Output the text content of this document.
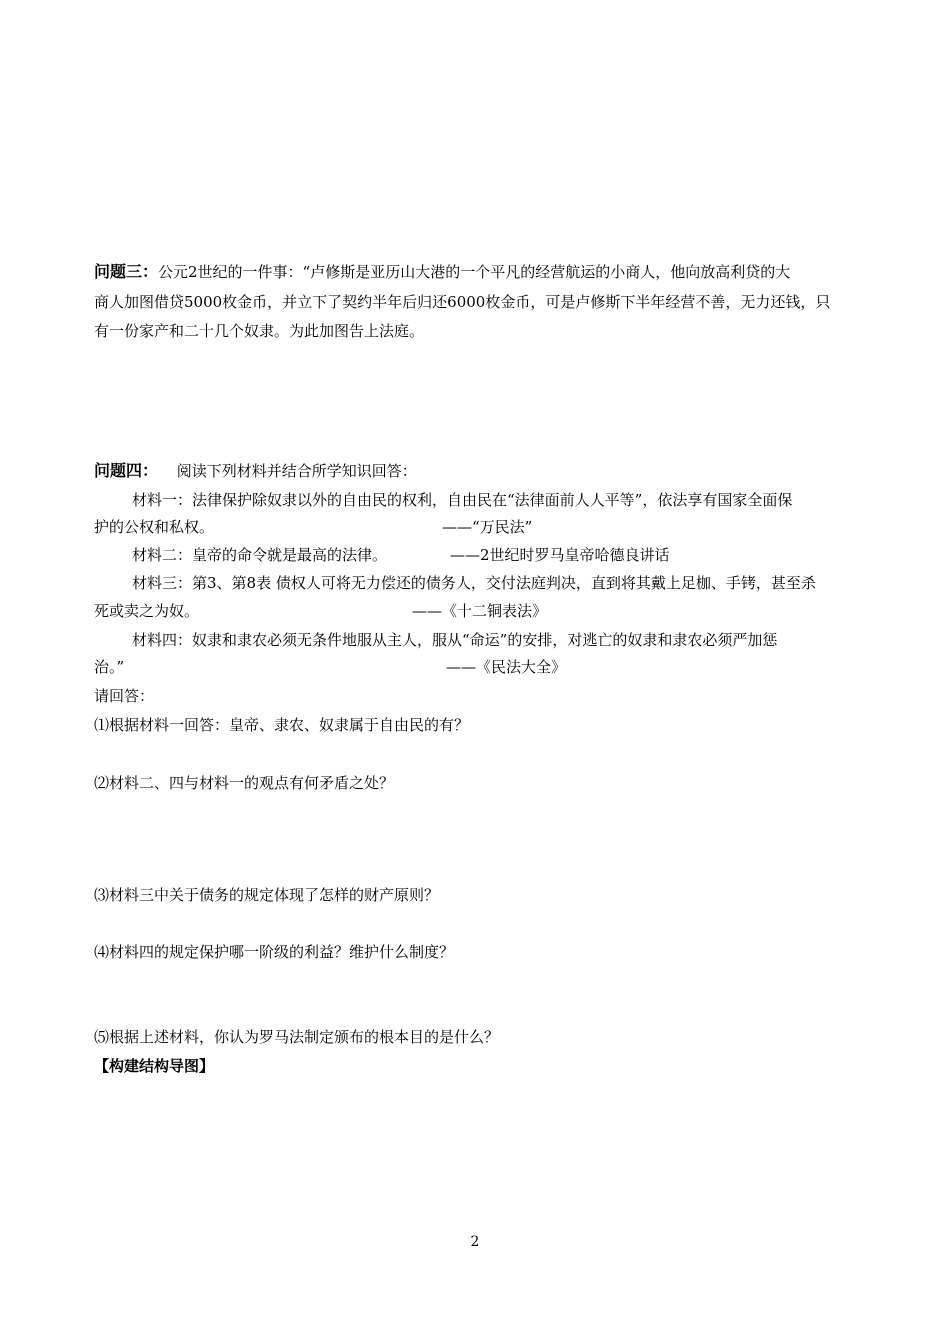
问题三：公元2世纪的一件事：“卢修斯是亚历山大港的一个平凡的经营航运的小商人，他向放高利贷的大
商人加图借贷5000枚金币，并立下了契约半年后归还6000枚金币，可是卢修斯下半年经营不善，无力还钱，只
有一份家产和二十几个奴隶。为此加图告上法庭。
问题四： 阅读下列材料并结合所学知识回答：
材料一：法律保护除奴隶以外的自由民的权利，自由民在“法律面前人人平等”，依法享有国家全面保
护的公权和私权。	——“万民法”
材料二：皇帝的命令就是最高的法律。	——2世纪时罗马皇帝哈德良讲话
材料三：第3、第8表 债权人可将无力偿还的债务人，交付法庭判决，直到将其戴上足枷、手铐，甚至杀
死或卖之为奴。	——《十二铜表法》
材料四：奴隶和隶农必须无条件地服从主人，服从“命运”的安排，对逃亡的奴隶和隶农必须严加惩
治。”	——《民法大全》
请回答：
⑴根据材料一回答：皇帝、隶农、奴隶属于自由民的有？
⑵材料二、四与材料一的观点有何矛盾之处？
⑶材料三中关于债务的规定体现了怎样的财产原则？
⑷材料四的规定保护哪一阶级的利益？维护什么制度？
⑸根据上述材料，你认为罗马法制定颁布的根本目的是什么？
【构建结构导图】
2
